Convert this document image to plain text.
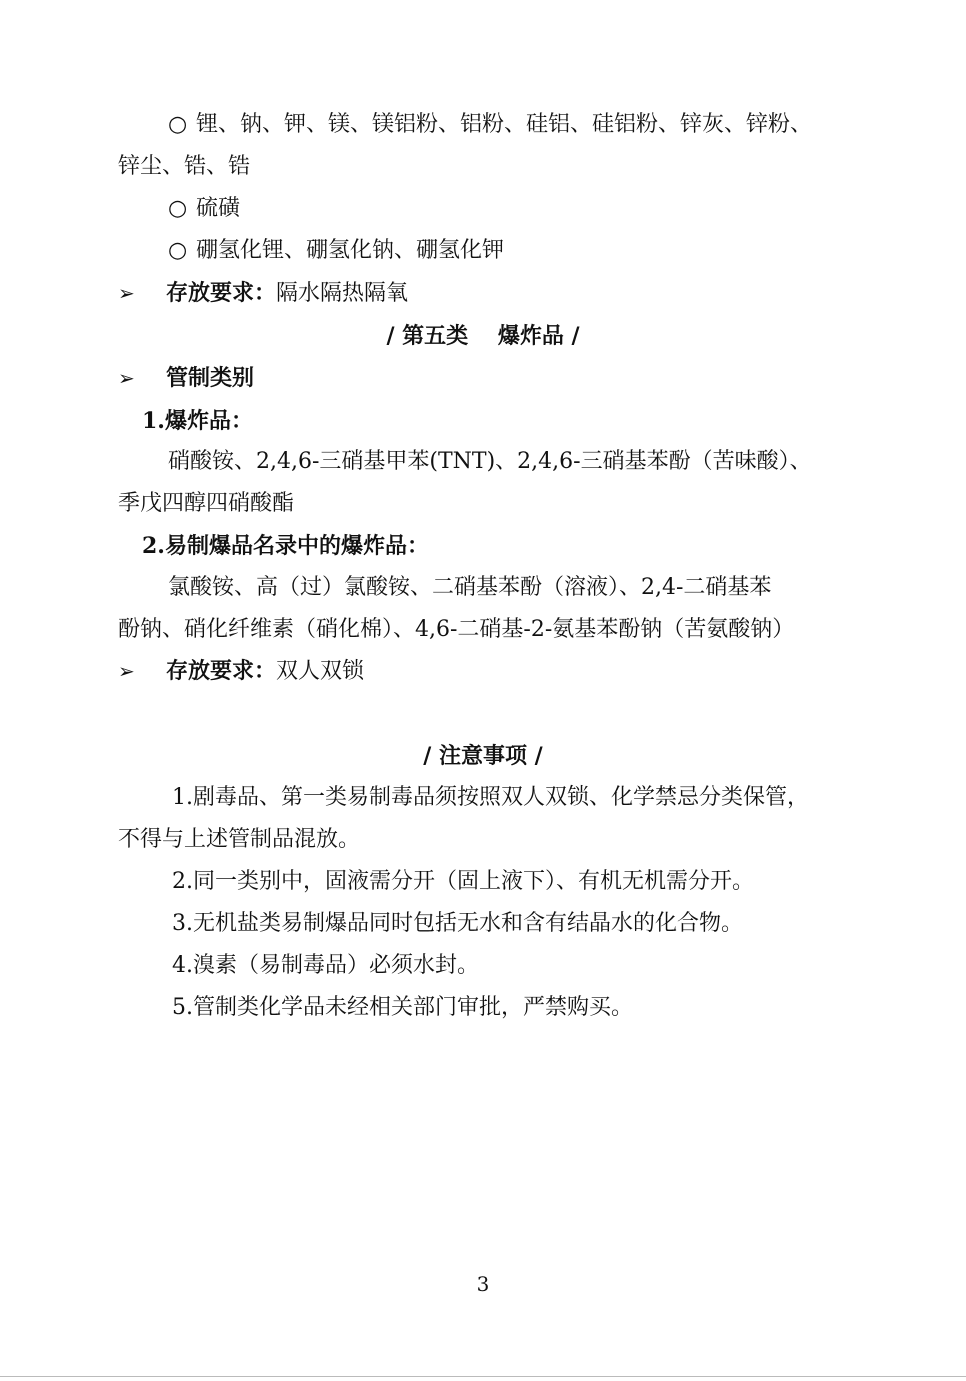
○ 锂、钠、钾、镁、镁铝粉、铝粉、硅铝、硅铝粉、锌灰、锌粉、
锌尘、锆、锆
○ 硫磺
○ 硼氢化锂、硼氢化钠、硼氢化钾
➢ 存放要求：隔水隔热隔氧
/ 第五类 　爆炸品 /
➢ 管制类别
1.爆炸品：
硝酸铵、2,4,6-三硝基甲苯(TNT)、2,4,6-三硝基苯酚（苦味酸）、
季戊四醇四硝酸酯
2.易制爆品名录中的爆炸品：
氯酸铵、高（过）氯酸铵、二硝基苯酚（溶液）、2,4-二硝基苯
酚钠、硝化纤维素（硝化棉）、4,6-二硝基-2-氨基苯酚钠（苦氨酸钠）
➢ 存放要求：双人双锁
/ 注意事项 /
1.剧毒品、第一类易制毒品须按照双人双锁、化学禁忌分类保管，
不得与上述管制品混放。
2.同一类别中，固液需分开（固上液下）、有机无机需分开。
3.无机盐类易制爆品同时包括无水和含有结晶水的化合物。
4.溴素（易制毒品）必须水封。
5.管制类化学品未经相关部门审批，严禁购买。
3
